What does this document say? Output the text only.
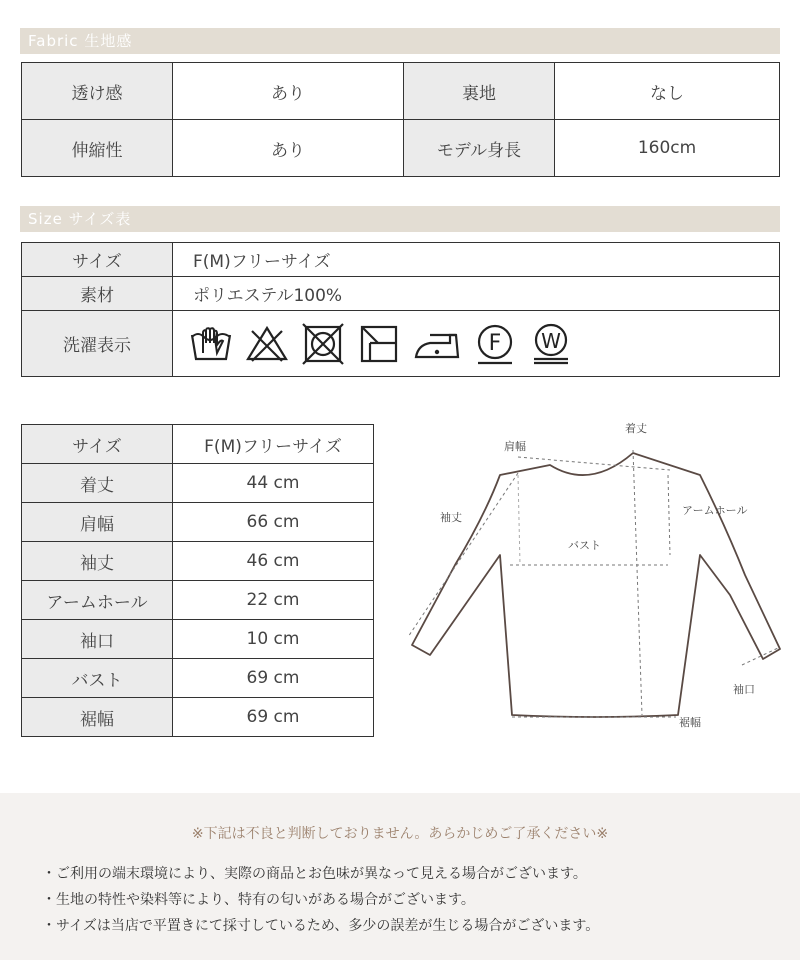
Fabric 生地感
透け感	あり	裏地	なし
伸縮性	あり	モデル身長	160cm
Size サイズ表
サイズ	F(M)フリーサイズ
素材	ポリエステル100%
洗濯表示	F W
サイズ	F(M)フリーサイズ
着丈	44 cm
肩幅	66 cm
袖丈	46 cm
アームホール	22 cm
袖口	10 cm
バスト	69 cm
裾幅	69 cm
着丈
肩幅
袖丈
アームホール
バスト
袖口
裾幅
※下記は不良と判断しておりません。あらかじめご了承ください※
・ご利用の端末環境により、実際の商品とお色味が異なって見える場合がございます。
・生地の特性や染料等により、特有の匂いがある場合がございます。
・サイズは当店で平置きにて採寸しているため、多少の誤差が生じる場合がございます。
